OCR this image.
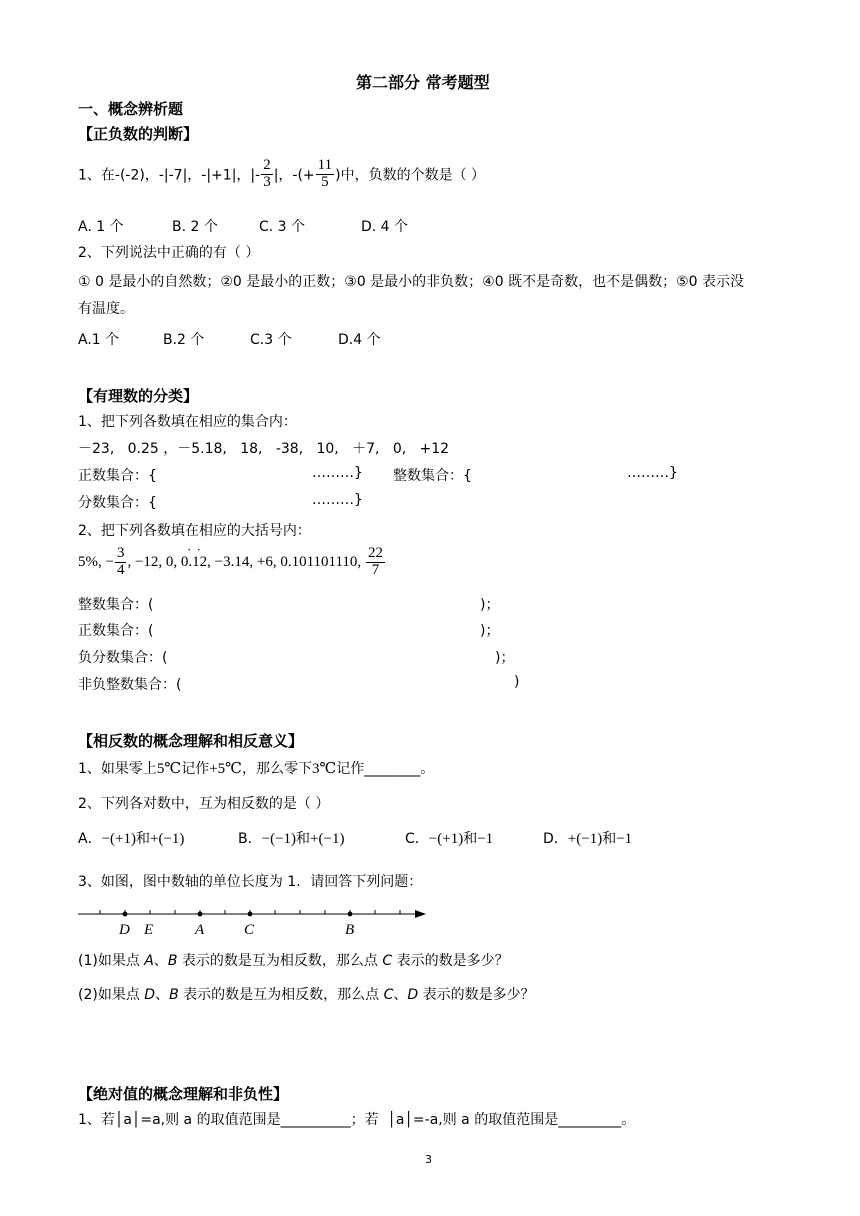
第二部分 常考题型
一、概念辨析题
【正负数的判断】
1、在-(-2)，-|-7|，-|+1|，|- $\frac{2}{3}$ |，-(+ $\frac{11}{5}$ )中，负数的个数是（ ）
A. 1 个	B. 2 个	C. 3 个	D. 4 个
2、下列说法中正确的有（ ）
① 0 是最小的自然数；②0 是最小的正数；③0 是最小的非负数；④0 既不是奇数，也不是偶数；⑤0 表示没
有温度。
A.1 个	B.2 个	C.3 个	D.4 个
【有理数的分类】
1、把下列各数填在相应的集合内：
－23,   0.25 ，－5.18,   18,   -38,   10,   ＋7,   0,   +12
正数集合：{	………} 整数集合：{	………}
分数集合：{	………}
2、把下列各数填在相应的大括号内：
5%, − $\frac{3}{4}$ , −12, 0, 0.12, −3.14, +6, 0.101101110, $\frac{22}{7}$
· ·
整数集合：(	)；
正数集合：(	)；
负分数集合：(	)；
非负整数集合：(	)
【相反数的概念理解和相反意义】
1、如果零上5℃记作+5℃，那么零下3℃记作________。
2、下列各对数中，互为相反数的是（ ）
A．−(+1)和+(−1)	B．−(−1)和+(−1)	C．−(+1)和−1	D．+(−1)和−1
3、如图，图中数轴的单位长度为 1．请回答下列问题：
D E	A	C	B
(1)如果点 A、B 表示的数是互为相反数，那么点 C 表示的数是多少？
(2)如果点 D、B 表示的数是互为相反数，那么点 C、D 表示的数是多少？
【绝对值的概念理解和非负性】
1、若│a│=a,则 a 的取值范围是__________；若  │a│=-a,则 a 的取值范围是_________。
3
